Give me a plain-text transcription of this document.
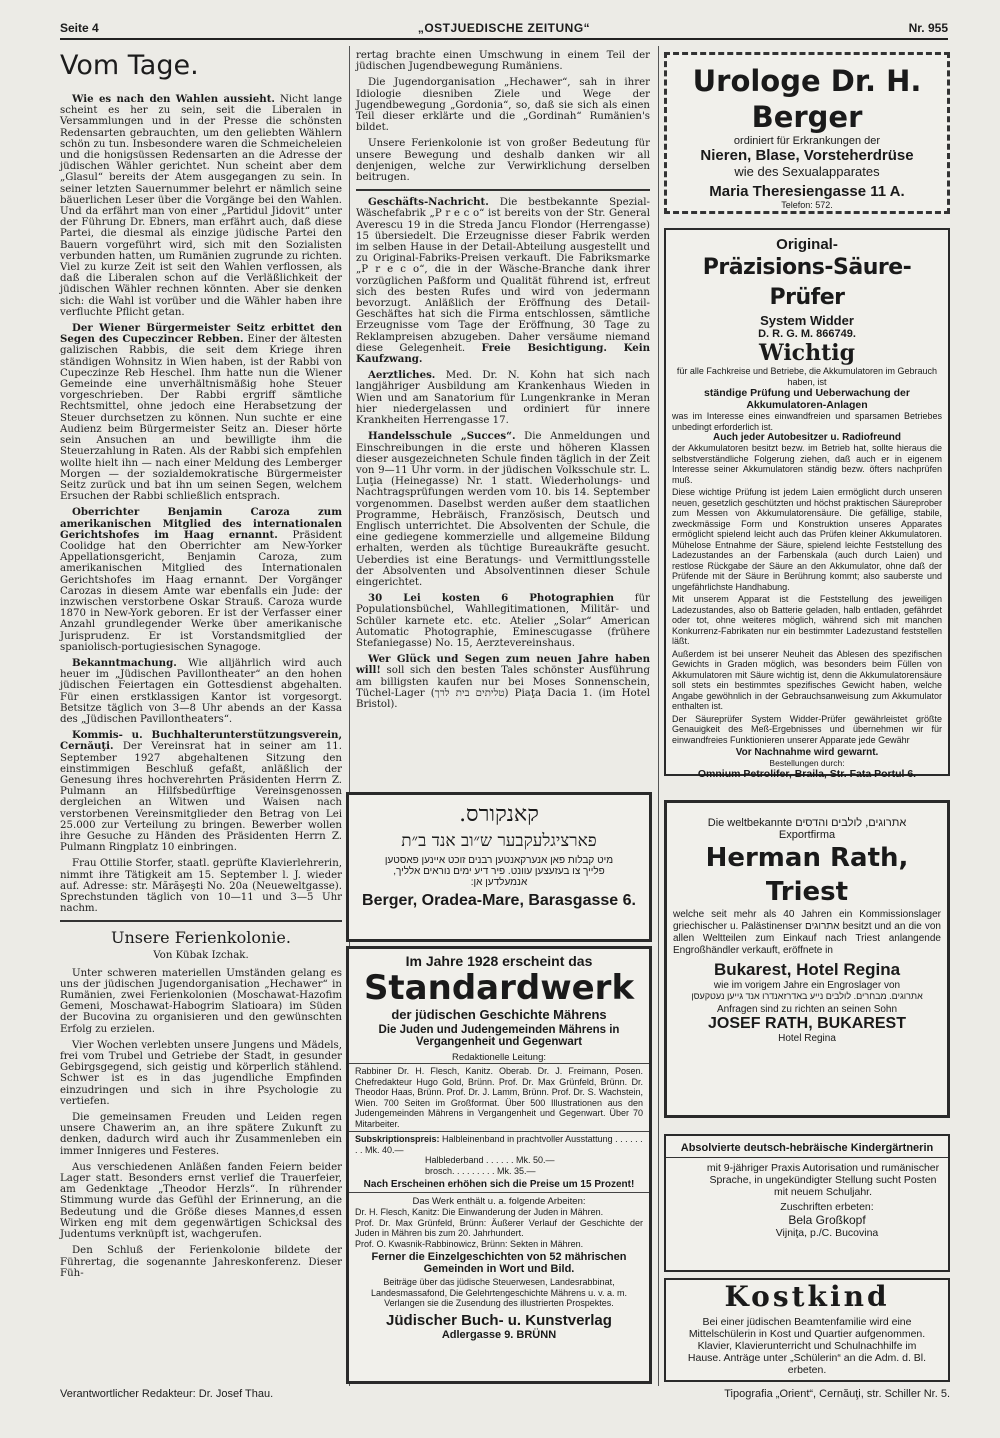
Seite 4	„OSTJUEDISCHE ZEITUNG“	Nr. 955
Vom Tage.

Wie es nach den Wahlen aussieht. Nicht lange scheint es her zu sein, seit die Liberalen in Versammlungen und in der Presse die schönsten Redensarten gebrauchten, um den geliebten Wählern schön zu tun. Insbesondere waren die Schmeicheleien und die honigsüssen Redensarten an die Adresse der jüdischen Wähler gerichtet. Nun scheint aber dem „Glasul“ bereits der Atem ausgegangen zu sein. In seiner letzten Sauernummer belehrt er nämlich seine bäuerlichen Leser über die Vorgänge bei den Wahlen. Und da erfährt man von einer „Partidul Jidovit“ unter der Führung Dr. Ebners, man erfährt auch, daß diese Partei, die diesmal als einzige jüdische Partei den Bauern vorgeführt wird, sich mit den Sozialisten verbunden hatten, um Rumänien zugrunde zu richten. Viel zu kurze Zeit ist seit den Wahlen verflossen, als daß die Liberalen schon auf die Verläßlichkeit der jüdischen Wähler rechnen könnten. Aber sie denken sich: die Wahl ist vorüber und die Wähler haben ihre verfluchte Pflicht getan.

Der Wiener Bürgermeister Seitz erbittet den Segen des Cupeczincer Rebben. Einer der ältesten galizischen Rabbis, die seit dem Kriege ihren ständigen Wohnsitz in Wien haben, ist der Rabbi von Cupeczinze Reb Heschel. Ihm hatte nun die Wiener Gemeinde eine unverhältnismäßig hohe Steuer vorgeschrieben. Der Rabbi ergriff sämtliche Rechtsmittel, ohne jedoch eine Herabsetzung der Steuer durchsetzen zu können. Nun suchte er eine Audienz beim Bürgermeister Seitz an. Dieser hörte sein Ansuchen an und bewilligte ihm die Steuerzahlung in Raten. Als der Rabbi sich empfehlen wollte hielt ihn — nach einer Meldung des Lemberger Morgen — der sozialdemokratische Bürgermeister Seitz zurück und bat ihn um seinen Segen, welchem Ersuchen der Rabbi schließlich entsprach.

Oberrichter Benjamin Caroza zum amerikanischen Mitglied des internationalen Gerichtshofes im Haag ernannt. Präsident Coolidge hat den Oberrichter am New-Yorker Appellationsgericht, Benjamin Caroza, zum amerikanischen Mitglied des Internationalen Gerichtshofes im Haag ernannt. Der Vorgänger Carozas in diesem Amte war ebenfalls ein Jude: der inzwischen verstorbene Oskar Strauß. Caroza wurde 1870 in New-York geboren. Er ist der Verfasser einer Anzahl grundlegender Werke über amerikanische Jurisprudenz. Er ist Vorstandsmitglied der spaniolisch-portugiesischen Synagoge.

Bekanntmachung. Wie alljährlich wird auch heuer im „Jüdischen Pavillontheater“ an den hohen jüdischen Feiertagen ein Gottesdienst abgehalten. Für einen erstklassigen Kantor ist vorgesorgt. Betsitze täglich von 3—8 Uhr abends an der Kassa des „Jüdischen Pavillontheaters“.

Kommis- u. Buchhalterunterstützungsverein, Cernăuţi. Der Vereinsrat hat in seiner am 11. September 1927 abgehaltenen Sitzung den einstimmigen Beschluß gefaßt, anläßlich der Genesung ihres hochverehrten Präsidenten Herrn Z. Pulmann an Hilfsbedürftige Vereinsgenossen dergleichen an Witwen und Waisen nach verstorbenen Vereinsmitglieder den Betrag von Lei 25.000 zur Verteilung zu bringen. Bewerber wollen ihre Gesuche zu Händen des Präsidenten Herrn Z. Pulmann Ringplatz 10 einbringen.

Frau Ottilie Storfer, staatl. geprüfte Klavierlehrerin, nimmt ihre Tätigkeit am 15. September l. J. wieder auf. Adresse: str. Mărăşeşti No. 20a (Neueweltgasse). Sprechstunden täglich von 10—11 und 3—5 Uhr nachm.

Unsere Ferienkolonie.
Von Kübak Izchak.

Unter schweren materiellen Umständen gelang es uns der jüdischen Jugendorganisation „Hechawer“ in Rumänien, zwei Ferienkolonien (Moschawat-Hazofim Gemeni, Moschawat-Habogrim Slatioara) im Süden der Bucovina zu organisieren und den gewünschten Erfolg zu erzielen.

Vier Wochen verlebten unsere Jungens und Mädels, frei vom Trubel und Getriebe der Stadt, in gesunder Gebirgsgegend, sich geistig und körperlich stählend. Schwer ist es in das jugendliche Empfinden einzudringen und sich in ihre Psychologie zu vertiefen.

Die gemeinsamen Freuden und Leiden regen unsere Chawerim an, an ihre spätere Zukunft zu denken, dadurch wird auch ihr Zusammenleben ein immer Innigeres und Festeres.

Aus verschiedenen Anläßen fanden Feiern beider Lager statt. Besonders ernst verlief die Trauerfeier, am Gedenktage „Theodor Herzls“. In rührender Stimmung wurde das Gefühl der Erinnerung, an die Bedeutung und die Größe dieses Mannes,d essen Wirken eng mit dem gegenwärtigen Schicksal des Judentums verknüpft ist, wachgerufen.

Den Schluß der Ferienkolonie bildete der Führertag, die sogenannte Jahreskonferenz. Dieser Füh-

rertag brachte einen Umschwung in einem Teil der jüdischen Jugendbewegung Rumäniens.

Die Jugendorganisation „Hechawer“, sah in ihrer Idiologie diesniben Ziele und Wege der Jugendbewegung „Gordonia“, so, daß sie sich als einen Teil dieser erklärte und die „Gordinah“ Rumänien's bildet.

Unsere Ferienkolonie ist von großer Bedeutung für unsere Bewegung und deshalb danken wir all denjenigen, welche zur Verwirklichung derselben beitrugen.

Geschäfts-Nachricht. Die bestbekannte Spezial-Wäschefabrik „P r e c o“ ist bereits von der Str. General Averescu 19 in die Streda Jancu Flondor (Herrengasse) 15 übersiedelt. Die Erzeugnisse dieser Fabrik werden im selben Hause in der Detail-Abteilung ausgestellt und zu Original-Fabriks-Preisen verkauft. Die Fabriksmarke „P r e c o“, die in der Wäsche-Branche dank ihrer vorzüglichen Paßform und Qualität führend ist, erfreut sich des besten Rufes und wird von jedermann bevorzugt. Anläßlich der Eröffnung des Detail-Geschäftes hat sich die Firma entschlossen, sämtliche Erzeugnisse vom Tage der Eröffnung, 30 Tage zu Reklampreisen abzugeben. Daher versäume niemand diese Gelegenheit. Freie Besichtigung. Kein Kaufzwang.

Aerztliches. Med. Dr. N. Kohn hat sich nach langjähriger Ausbildung am Krankenhaus Wieden in Wien und am Sanatorium für Lungenkranke in Meran hier niedergelassen und ordiniert für innere Krankheiten Herrengasse 17.

Handelsschule „Succes“. Die Anmeldungen und Einschreibungen in die erste und höheren Klassen dieser ausgezeichneten Schule finden täglich in der Zeit von 9—11 Uhr vorm. in der jüdischen Volksschule str. L. Luţia (Heinegasse) Nr. 1 statt. Wiederholungs- und Nachtragsprüfungen werden vom 10. bis 14. September vorgenommen. Daselbst werden außer dem staatlichen Programme, Hebräisch, Französisch, Deutsch und Englisch unterrichtet. Die Absolventen der Schule, die eine gediegene kommerzielle und allgemeine Bildung erhalten, werden als tüchtige Bureaukräfte gesucht. Ueberdies ist eine Beratungs- und Vermittlungsstelle der Absolventen und Absolventinnen dieser Schule eingerichtet.

30 Lei kosten 6 Photographien für Populationsbüchel, Wahllegitimationen, Militär- und Schüler karnete etc. etc. Atelier „Solar“ American Automatic Photographie, Eminescugasse (frühere Stefaniegasse) No. 15, Aerztevereinshaus.

Wer Glück und Segen zum neuen Jahre haben will! soll sich den besten Tales schönster Ausführung am billigsten kaufen nur bei Moses Sonnenschein, Tüchel-Lager (טליתים בית לרך) Piaţa Dacia 1. (im Hotel Bristol).

קאנקורס.
פארציגלעקבער ש״וב אנד ב״ת
מיט קבלות פאן אנערקאנטען רבנים זוכט איינען פאסטען
פלייך צו בעזעצען עוונט. פיר דיע ימים נוראים אלליך,
אנמעלדען אן:
Berger, Oradea-Mare, Barasgasse 6.
Im Jahre 1928 erscheint das
Standardwerk
der jüdischen Geschichte Mährens
Die Juden und Judengemeinden Mährens in Vergangenheit und Gegenwart
Redaktionelle Leitung:
Rabbiner Dr. H. Flesch, Kanitz. Oberab. Dr. J. Freimann, Posen. Chefredakteur Hugo Gold, Brünn. Prof. Dr. Max Grünfeld, Brünn. Dr. Theodor Haas, Brünn. Prof. Dr. J. Lamm, Brünn. Prof. Dr. S. Wachstein, Wien. 700 Seiten im Großformat. Über 500 Illustrationen aus den Judengemeinden Mährens in Vergangenheit und Gegenwart. Über 70 Mitarbeiter.
Subskriptionspreis: Halbleinenband in prachtvoller Ausstattung . . . . . . . . Mk. 40.—
Halblederband . . . . . . Mk. 50.—
brosch. . . . . . . . . Mk. 35.—
Nach Erscheinen erhöhen sich die Preise um 15 Prozent!
Das Werk enthält u. a. folgende Arbeiten:
Dr. H. Flesch, Kanitz: Die Einwanderung der Juden in Mähren.
Prof. Dr. Max Grünfeld, Brünn: Äußerer Verlauf der Geschichte der Juden in Mähren bis zum 20. Jahrhundert.
Prof. O. Kwasnik-Rabbinowicz, Brünn: Sekten in Mähren.
Ferner die Einzelgeschichten von 52 mährischen Gemeinden in Wort und Bild.
Beiträge über das jüdische Steuerwesen, Landesrabbinat, Landesmassafond, Die Gelehrtengeschichte Mährens u. v. a. m. Verlangen sie die Zusendung des illustrierten Prospektes.
Jüdischer Buch- u. Kunstverlag
Adlergasse 9. BRÜNN
Urologe Dr. H. Berger
ordiniert für Erkrankungen der
Nieren, Blase, Vorsteherdrüse
wie des Sexualapparates
Maria Theresiengasse 11 A.
Telefon: 572.
Original-
Präzisions-Säure-Prüfer
System Widder
D. R. G. M. 866749.
Wichtig
für alle Fachkreise und Betriebe, die Akkumulatoren im Gebrauch haben, ist
ständige Prüfung und Ueberwachung der Akkumulatoren-Anlagen
was im Interesse eines einwandfreien und sparsamen Betriebes unbedingt erforderlich ist.
Auch jeder Autobesitzer u. Radiofreund
der Akkumulatoren besitzt bezw. im Betrieb hat, sollte hieraus die selbstverständliche Folgerung ziehen, daß auch er in eigenem Interesse seiner Akkumulatoren ständig bezw. öfters nachprüfen muß.
Diese wichtige Prüfung ist jedem Laien ermöglicht durch unseren neuen, gesetzlich geschützten und höchst praktischen Säureprober zum Messen von Akkumulatorensäure. Die gefällige, stabile, zweckmässige Form und Konstruktion unseres Apparates ermöglicht spielend leicht auch das Prüfen kleiner Akkumulatoren. Mühelose Entnahme der Säure, spielend leichte Feststellung des Ladezustandes an der Farbenskala (auch durch Laien) und restlose Rückgabe der Säure an den Akkumulator, ohne daß der Prüfende mit der Säure in Berührung kommt; also sauberste und ungefährlichste Handhabung.
Mit unserem Apparat ist die Feststellung des jeweiligen Ladezustandes, also ob Batterie geladen, halb entladen, gefährdet oder tot, ohne weiteres möglich, während sich mit manchen Konkurrenz-Fabrikaten nur ein bestimmter Ladezustand feststellen läßt.
Außerdem ist bei unserer Neuheit das Ablesen des spezifischen Gewichts in Graden möglich, was besonders beim Füllen von Akkumulatoren mit Säure wichtig ist, denn die Akkumulatorensäure soll stets ein bestimmtes spezifisches Gewicht haben, welche Angabe gewöhnlich in der Gebrauchsanweisung zum Akkumulator enthalten ist.
Der Säureprüfer System Widder-Prüfer gewährleistet größte Genauigkeit des Meß-Ergebnisses und übernehmen wir für einwandfreies Funktionieren unserer Apparate jede Gewähr
Vor Nachnahme wird gewarnt.
Bestellungen durch:
Omnium Petrolifer, Braila, Str. Fata Portul 6.
Die weltbekannte אתרוגים, לולבים והדסים
Exportfirma
Herman Rath, Triest
welche seit mehr als 40 Jahren ein Kommissionslager griechischer u. Palästinenser אתרוגים besitzt und an die von allen Weltteilen zum Einkauf nach Triest anlangende Engroßhändler verkauft, eröffnete in
Bukarest, Hotel Regina
wie im vorigem Jahre ein Engroslager von
אתרוגים. מבחרים. לולבים נייע באדרזאנדרו אנד גייען נעטקעסן
Anfragen sind zu richten an seinen Sohn
JOSEF RATH, BUKAREST
Hotel Regina
Absolvierte deutsch-hebräische Kindergärtnerin
mit 9-jähriger Praxis Autorisation und rumänischer Sprache, in ungekündigter Stellung sucht Posten mit neuem Schuljahr.
Zuschriften erbeten:
Bela Großkopf
Vijniţa, p./C. Bucovina
Kostkind
Bei einer jüdischen Beamtenfamilie wird eine Mittelschülerin in Kost und Quartier aufgenommen. Klavier, Klavierunterricht und Schulnachhilfe im Hause. Anträge unter „Schülerin“ an die Adm. d. Bl. erbeten.
Verantwortlicher Redakteur: Dr. Josef Thau.	Tipografia „Orient“, Cernăuţi, str. Schiller Nr. 5.
